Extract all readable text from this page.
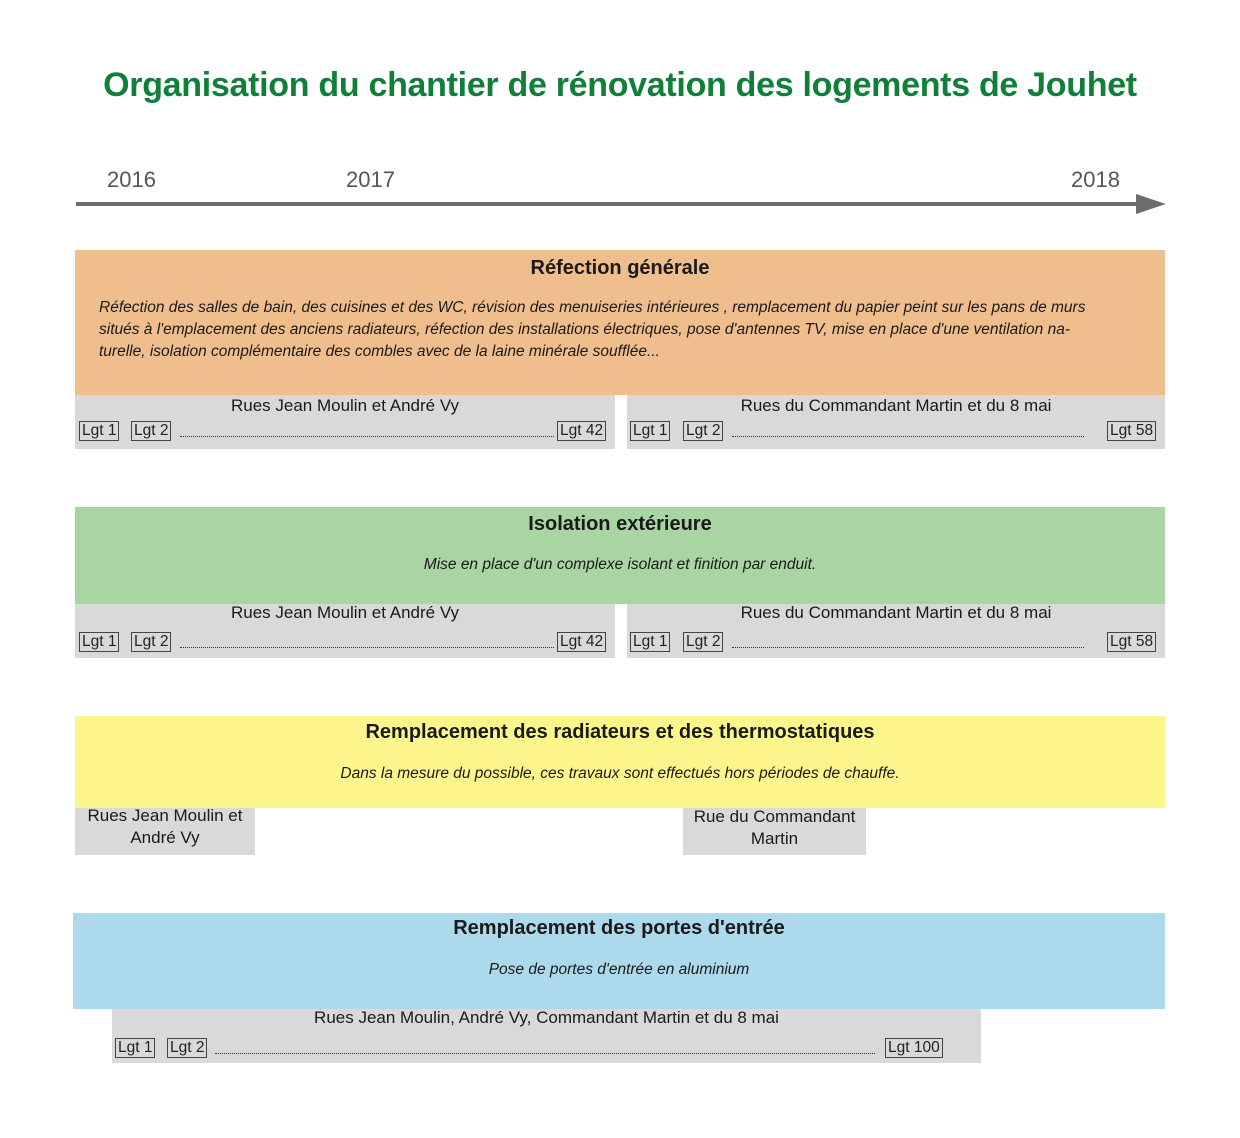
Organisation du chantier de rénovation des logements de Jouhet
2016	2017	2018
Réfection générale
Réfection des salles de bain, des cuisines et des WC, révision des menuiseries intérieures , remplacement du papier peint sur les pans de murs
situés à l'emplacement des anciens radiateurs, réfection des installations électriques, pose d'antennes TV, mise en place d'une ventilation na-
turelle, isolation complémentaire des combles avec de la laine minérale soufflée...
Rues Jean Moulin et André Vy
Lgt 1 Lgt 2	Lgt 42
Rues du Commandant Martin et du 8 mai
Lgt 1 Lgt 2	Lgt 58
Isolation extérieure
Mise en place d'un complexe isolant et finition par enduit.
Rues Jean Moulin et André Vy
Lgt 1 Lgt 2	Lgt 42
Rues du Commandant Martin et du 8 mai
Lgt 1 Lgt 2	Lgt 58
Remplacement des radiateurs et des thermostatiques
Dans la mesure du possible, ces travaux sont effectués hors périodes de chauffe.
Rues Jean Moulin et
André Vy
Rue du Commandant
Martin
Remplacement des portes d'entrée
Pose de portes d'entrée en aluminium
Rues Jean Moulin, André Vy, Commandant Martin et du 8 mai
Lgt 1 Lgt 2	Lgt 100
